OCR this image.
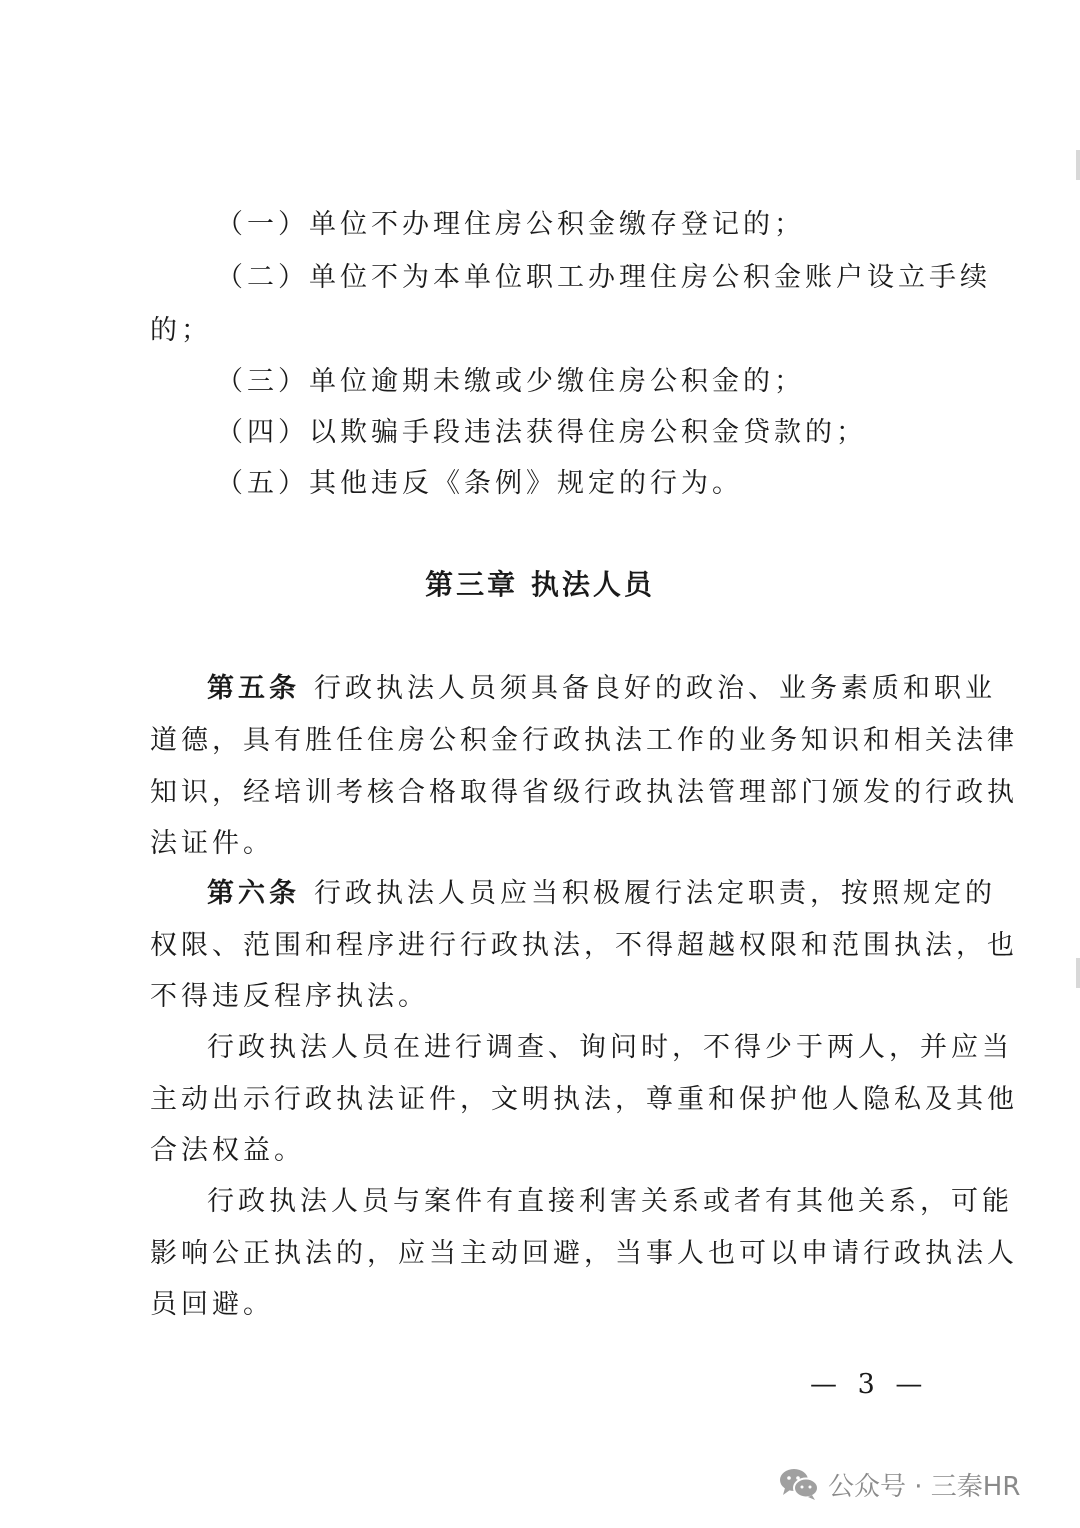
（一）单位不办理住房公积金缴存登记的；
（二）单位不为本单位职工办理住房公积金账户设立手续
的；
（三）单位逾期未缴或少缴住房公积金的；
（四）以欺骗手段违法获得住房公积金贷款的；
（五）其他违反《条例》规定的行为。
第三章 执法人员
第五条 行政执法人员须具备良好的政治、业务素质和职业
道德，具有胜任住房公积金行政执法工作的业务知识和相关法律
知识，经培训考核合格取得省级行政执法管理部门颁发的行政执
法证件。
第六条 行政执法人员应当积极履行法定职责，按照规定的
权限、范围和程序进行行政执法，不得超越权限和范围执法，也
不得违反程序执法。
行政执法人员在进行调查、询问时，不得少于两人，并应当
主动出示行政执法证件，文明执法，尊重和保护他人隐私及其他
合法权益。
行政执法人员与案件有直接利害关系或者有其他关系，可能
影响公正执法的，应当主动回避，当事人也可以申请行政执法人
员回避。
— 3 —
公众号 · 三秦HR
